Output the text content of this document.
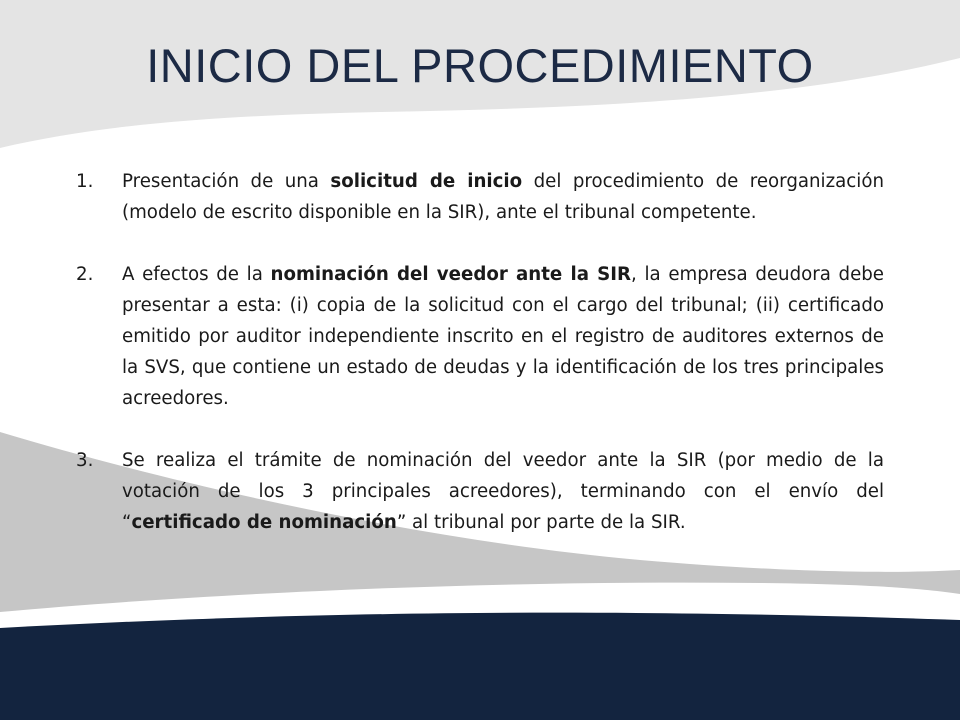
INICIO DEL PROCEDIMIENTO
1. Presentación de una solicitud de inicio del procedimiento de reorganización (modelo de escrito disponible en la SIR), ante el tribunal competente.
2. A efectos de la nominación del veedor ante la SIR, la empresa deudora debe presentar a esta: (i) copia de la solicitud con el cargo del tribunal; (ii) certificado emitido por auditor independiente inscrito en el registro de auditores externos de la SVS, que contiene un estado de deudas y la identificación de los tres principales acreedores.
3. Se realiza el trámite de nominación del veedor ante la SIR (por medio de la votación de los 3 principales acreedores), terminando con el envío del “certificado de nominación” al tribunal por parte de la SIR.
